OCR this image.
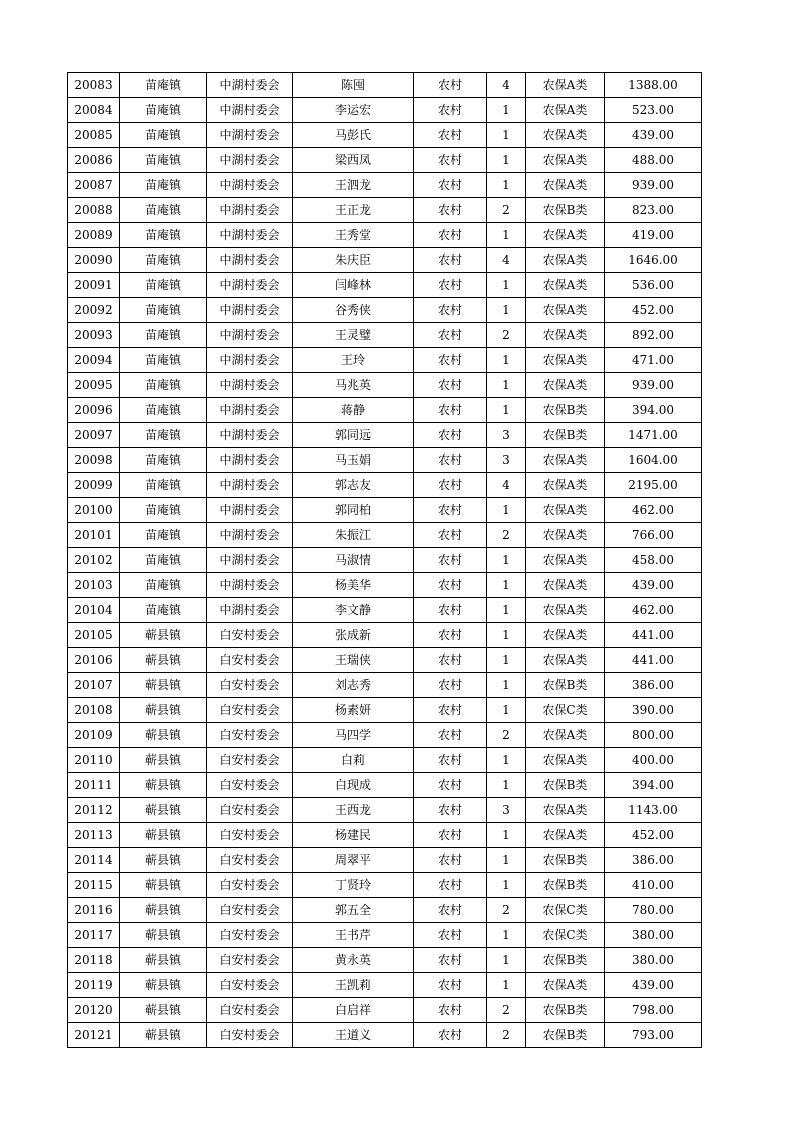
20083	苗庵镇	中湖村委会	陈囤	农村	4	农保A类	1388.00
20084	苗庵镇	中湖村委会	李运宏	农村	1	农保A类	523.00
20085	苗庵镇	中湖村委会	马彭氏	农村	1	农保A类	439.00
20086	苗庵镇	中湖村委会	梁西凤	农村	1	农保A类	488.00
20087	苗庵镇	中湖村委会	王泗龙	农村	1	农保A类	939.00
20088	苗庵镇	中湖村委会	王正龙	农村	2	农保B类	823.00
20089	苗庵镇	中湖村委会	王秀堂	农村	1	农保A类	419.00
20090	苗庵镇	中湖村委会	朱庆臣	农村	4	农保A类	1646.00
20091	苗庵镇	中湖村委会	闫峰林	农村	1	农保A类	536.00
20092	苗庵镇	中湖村委会	谷秀侠	农村	1	农保A类	452.00
20093	苗庵镇	中湖村委会	王灵璧	农村	2	农保A类	892.00
20094	苗庵镇	中湖村委会	王玲	农村	1	农保A类	471.00
20095	苗庵镇	中湖村委会	马兆英	农村	1	农保A类	939.00
20096	苗庵镇	中湖村委会	蒋静	农村	1	农保B类	394.00
20097	苗庵镇	中湖村委会	郭同远	农村	3	农保B类	1471.00
20098	苗庵镇	中湖村委会	马玉娟	农村	3	农保A类	1604.00
20099	苗庵镇	中湖村委会	郭志友	农村	4	农保A类	2195.00
20100	苗庵镇	中湖村委会	郭同柏	农村	1	农保A类	462.00
20101	苗庵镇	中湖村委会	朱振江	农村	2	农保A类	766.00
20102	苗庵镇	中湖村委会	马淑情	农村	1	农保A类	458.00
20103	苗庵镇	中湖村委会	杨美华	农村	1	农保A类	439.00
20104	苗庵镇	中湖村委会	李文静	农村	1	农保A类	462.00
20105	蕲县镇	白安村委会	张成新	农村	1	农保A类	441.00
20106	蕲县镇	白安村委会	王瑞侠	农村	1	农保A类	441.00
20107	蕲县镇	白安村委会	刘志秀	农村	1	农保B类	386.00
20108	蕲县镇	白安村委会	杨素妍	农村	1	农保C类	390.00
20109	蕲县镇	白安村委会	马四学	农村	2	农保A类	800.00
20110	蕲县镇	白安村委会	白莉	农村	1	农保A类	400.00
20111	蕲县镇	白安村委会	白现成	农村	1	农保B类	394.00
20112	蕲县镇	白安村委会	王西龙	农村	3	农保A类	1143.00
20113	蕲县镇	白安村委会	杨建民	农村	1	农保A类	452.00
20114	蕲县镇	白安村委会	周翠平	农村	1	农保B类	386.00
20115	蕲县镇	白安村委会	丁贤玲	农村	1	农保B类	410.00
20116	蕲县镇	白安村委会	郭五全	农村	2	农保C类	780.00
20117	蕲县镇	白安村委会	王书芹	农村	1	农保C类	380.00
20118	蕲县镇	白安村委会	黄永英	农村	1	农保B类	380.00
20119	蕲县镇	白安村委会	王凯莉	农村	1	农保A类	439.00
20120	蕲县镇	白安村委会	白启祥	农村	2	农保B类	798.00
20121	蕲县镇	白安村委会	王道义	农村	2	农保B类	793.00
